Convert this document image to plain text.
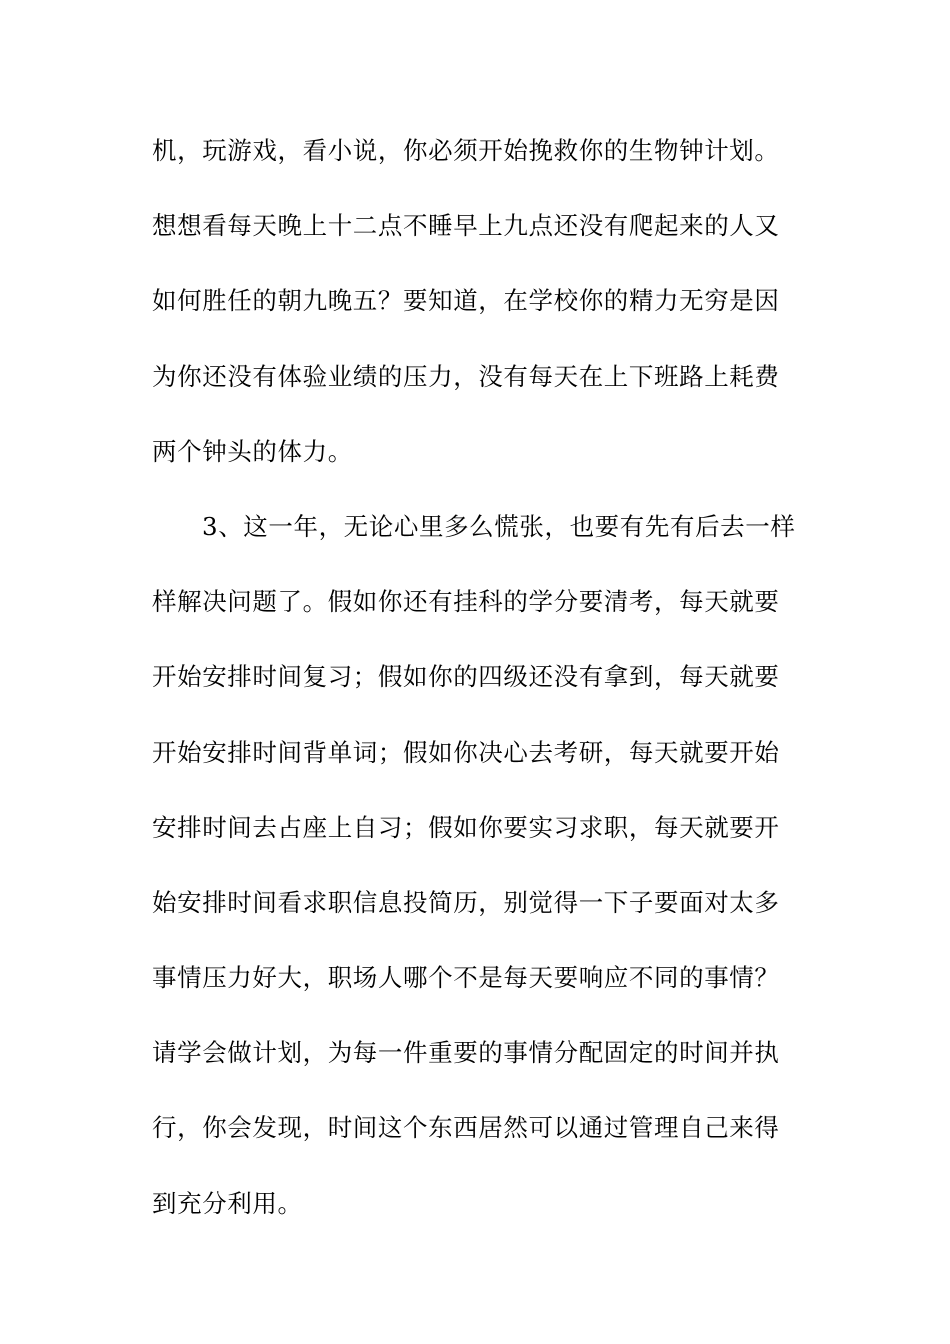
机，玩游戏，看小说，你必须开始挽救你的生物钟计划。
想想看每天晚上十二点不睡早上九点还没有爬起来的人又
如何胜任的朝九晚五？要知道，在学校你的精力无穷是因
为你还没有体验业绩的压力，没有每天在上下班路上耗费
两个钟头的体力。
3、这一年，无论心里多么慌张，也要有先有后去一样
样解决问题了。假如你还有挂科的学分要清考，每天就要
开始安排时间复习；假如你的四级还没有拿到，每天就要
开始安排时间背单词；假如你决心去考研，每天就要开始
安排时间去占座上自习；假如你要实习求职，每天就要开
始安排时间看求职信息投简历，别觉得一下子要面对太多
事情压力好大，职场人哪个不是每天要响应不同的事情？
请学会做计划，为每一件重要的事情分配固定的时间并执
行，你会发现，时间这个东西居然可以通过管理自己来得
到充分利用。
